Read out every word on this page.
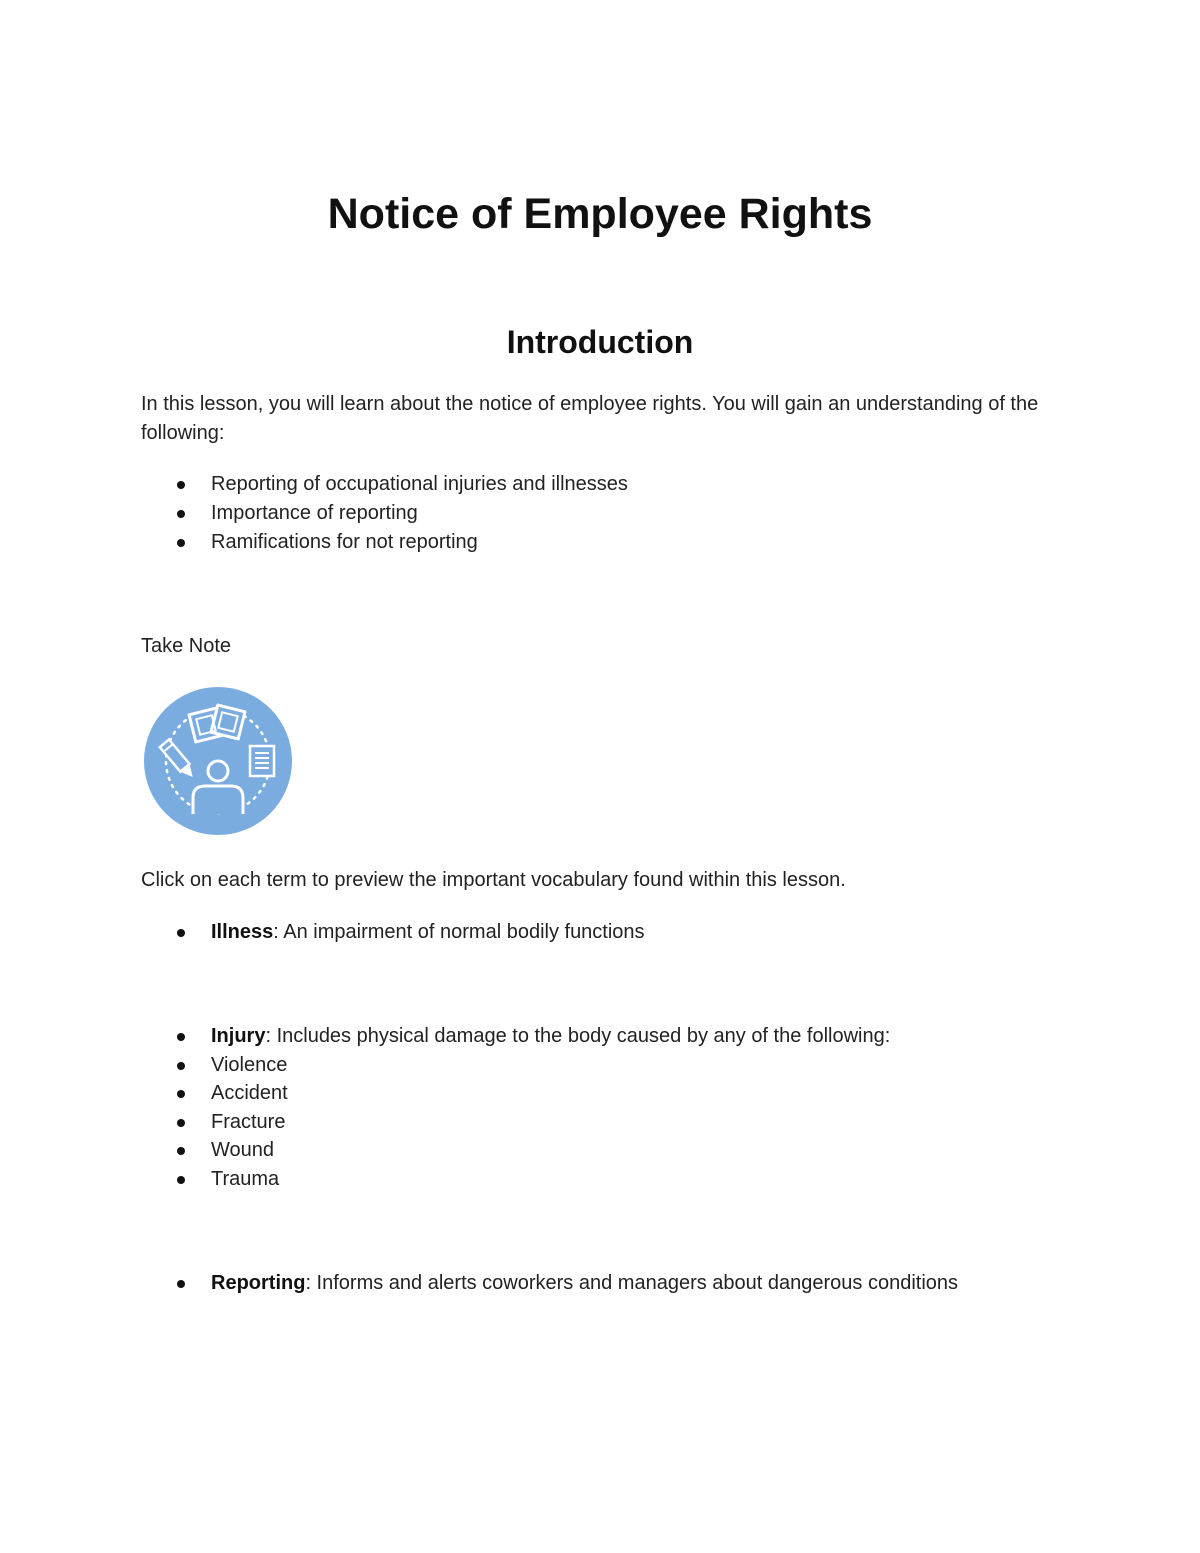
Notice of Employee Rights
Introduction

In this lesson, you will learn about the notice of employee rights. You will gain an understanding of the following:

Reporting of occupational injuries and illnesses
Importance of reporting
Ramifications for not reporting

Take Note

Click on each term to preview the important vocabulary found within this lesson.

Illness: An impairment of normal bodily functions
Injury: Includes physical damage to the body caused by any of the following:
Violence
Accident
Fracture
Wound
Trauma
Reporting: Informs and alerts coworkers and managers about dangerous conditions
